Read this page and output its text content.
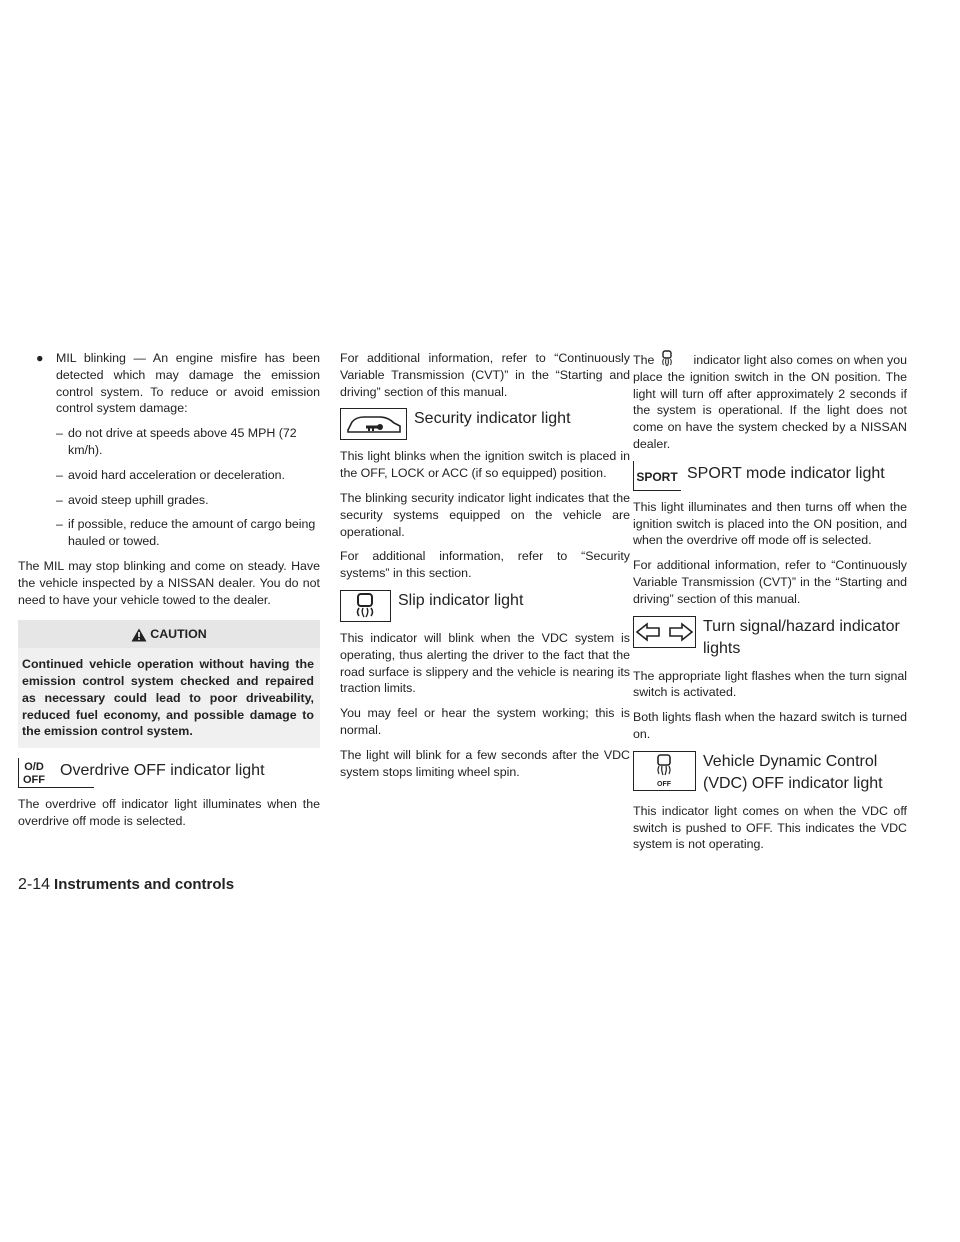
● MIL blinking — An engine misfire has been detected which may damage the emission control system. To reduce or avoid emission control system damage:
– do not drive at speeds above 45 MPH (72 km/h).
– avoid hard acceleration or deceleration.
– avoid steep uphill grades.
– if possible, reduce the amount of cargo being hauled or towed.

The MIL may stop blinking and come on steady. Have the vehicle inspected by a NISSAN dealer. You do not need to have your vehicle towed to the dealer.

CAUTION
Continued vehicle operation without having the emission control system checked and repaired as necessary could lead to poor driveability, reduced fuel economy, and possible damage to the emission control system.
O/D
OFF
Overdrive OFF indicator light

The overdrive off indicator light illuminates when the overdrive off mode is selected.

For additional information, refer to “Continuously Variable Transmission (CVT)” in the “Starting and driving” section of this manual.

Security indicator light

This light blinks when the ignition switch is placed in the OFF, LOCK or ACC (if so equipped) position.

The blinking security indicator light indicates that the security systems equipped on the vehicle are operational.

For additional information, refer to “Security systems” in this section.

Slip indicator light

This indicator will blink when the VDC system is operating, thus alerting the driver to the fact that the road surface is slippery and the vehicle is nearing its traction limits.

You may feel or hear the system working; this is normal.

The light will blink for a few seconds after the VDC system stops limiting wheel spin.

The	indicator light also comes on when you place the ignition switch in the ON position. The light will turn off after approximately 2 seconds if the system is operational. If the light does not come on have the system checked by a NISSAN dealer.

SPORT SPORT mode indicator light

This light illuminates and then turns off when the ignition switch is placed into the ON position, and when the overdrive off mode off is selected.

For additional information, refer to “Continuously Variable Transmission (CVT)” in the “Starting and driving” section of this manual.

Turn signal/hazard indicator lights

The appropriate light flashes when the turn signal switch is activated.

Both lights flash when the hazard switch is turned on.

OFF
Vehicle Dynamic Control (VDC) OFF indicator light

This indicator light comes on when the VDC off switch is pushed to OFF. This indicates the VDC system is not operating.

2-14 Instruments and controls
